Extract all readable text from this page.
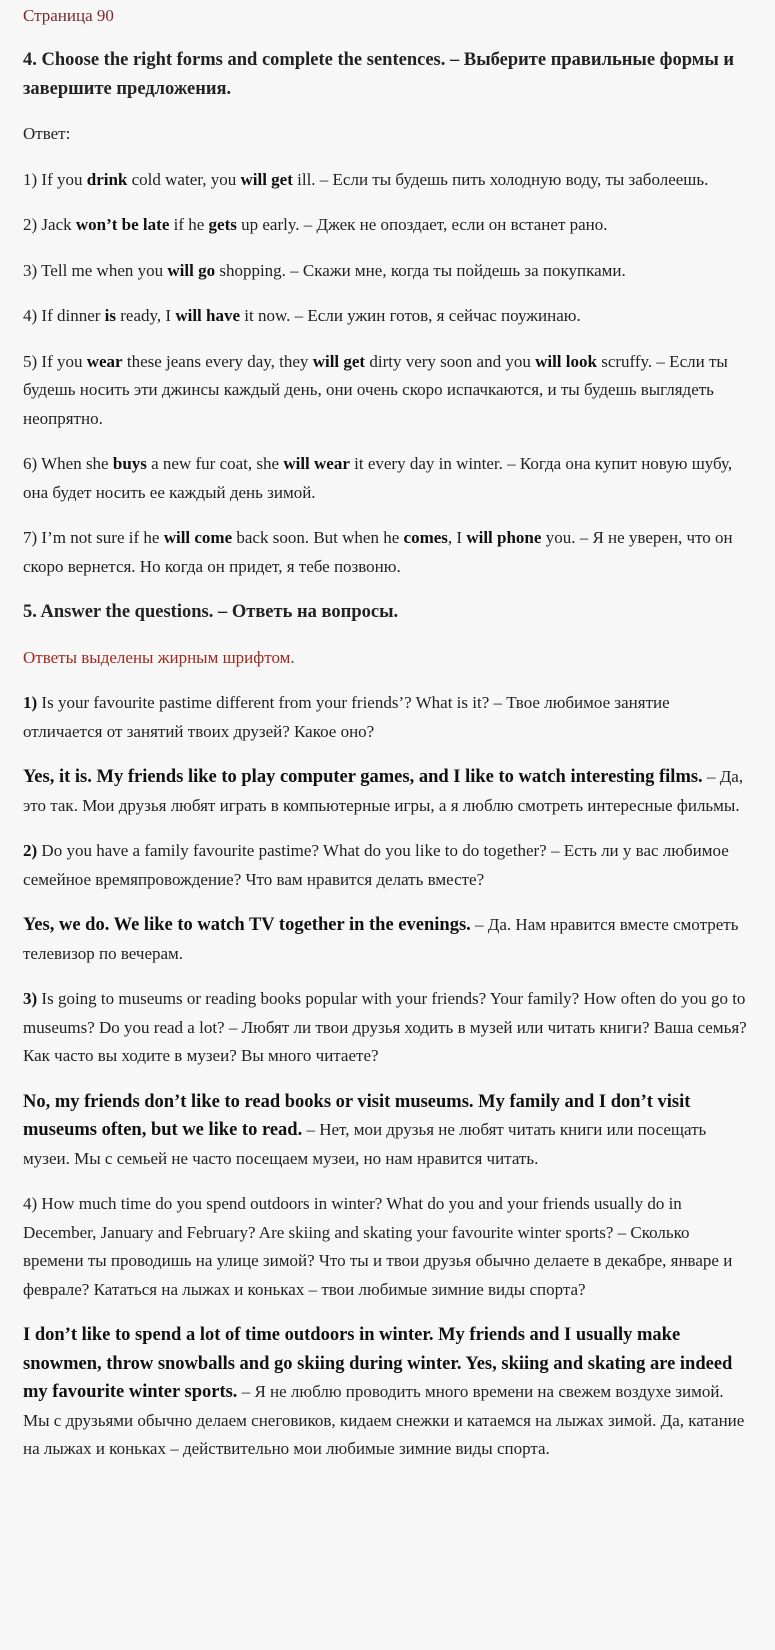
Страница 90

4. Choose the right forms and complete the sentences. – Выберите правильные формы и завершите предложения.

Ответ:

1) If you drink cold water, you will get ill. – Если ты будешь пить холодную воду, ты заболеешь.

2) Jack won’t be late if he gets up early. – Джек не опоздает, если он встанет рано.

3) Tell me when you will go shopping. – Скажи мне, когда ты пойдешь за покупками.

4) If dinner is ready, I will have it now. – Если ужин готов, я сейчас поужинаю.

5) If you wear these jeans every day, they will get dirty very soon and you will look scruffy. – Если ты будешь носить эти джинсы каждый день, они очень скоро испачкаются, и ты будешь выглядеть неопрятно.

6) When she buys a new fur coat, she will wear it every day in winter. – Когда она купит новую шубу, она будет носить ее каждый день зимой.

7) I’m not sure if he will come back soon. But when he comes, I will phone you. – Я не уверен, что он скоро вернется. Но когда он придет, я тебе позвоню.

5. Answer the questions. – Ответь на вопросы.

Ответы выделены жирным шрифтом.

1) Is your favourite pastime different from your friends’? What is it? – Твое любимое занятие отличается от занятий твоих друзей? Какое оно?

Yes, it is. My friends like to play computer games, and I like to watch interesting films. – Да, это так. Мои друзья любят играть в компьютерные игры, а я люблю смотреть интересные фильмы.

2) Do you have a family favourite pastime? What do you like to do together? – Есть ли у вас любимое семейное времяпровождение? Что вам нравится делать вместе?

Yes, we do. We like to watch TV together in the evenings. – Да. Нам нравится вместе смотреть телевизор по вечерам.

3) Is going to museums or reading books popular with your friends? Your family? How often do you go to museums? Do you read a lot? – Любят ли твои друзья ходить в музей или читать книги? Ваша семья? Как часто вы ходите в музеи? Вы много читаете?

No, my friends don’t like to read books or visit museums. My family and I don’t visit museums often, but we like to read. – Нет, мои друзья не любят читать книги или посещать музеи. Мы с семьей не часто посещаем музеи, но нам нравится читать.

4) How much time do you spend outdoors in winter? What do you and your friends usually do in December, January and February? Are skiing and skating your favourite winter sports? – Сколько времени ты проводишь на улице зимой? Что ты и твои друзья обычно делаете в декабре, январе и феврале? Кататься на лыжах и коньках – твои любимые зимние виды спорта?

I don’t like to spend a lot of time outdoors in winter. My friends and I usually make snowmen, throw snowballs and go skiing during winter. Yes, skiing and skating are indeed my favourite winter sports. – Я не люблю проводить много времени на свежем воздухе зимой. Мы с друзьями обычно делаем снеговиков, кидаем снежки и катаемся на лыжах зимой. Да, катание на лыжах и коньках – действительно мои любимые зимние виды спорта.
